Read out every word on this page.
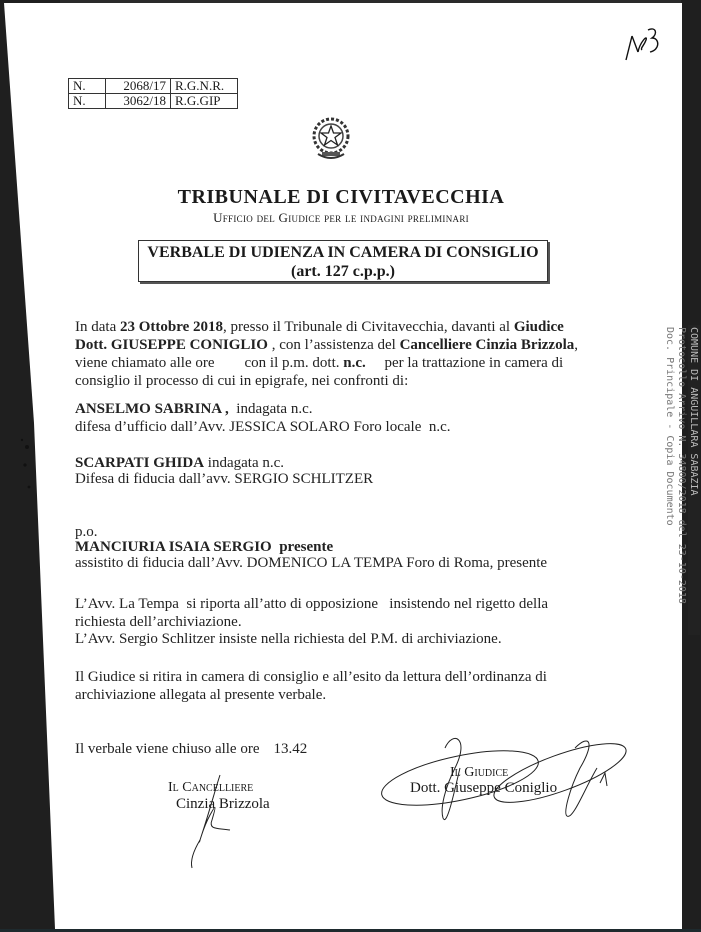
N.	2068/17	R.G.N.R.
N.	3062/18	R.G.GIP
TRIBUNALE DI CIVITAVECCHIA
Ufficio del Giudice per le indagini preliminari
VERBALE DI UDIENZA IN CAMERA DI CONSIGLIO
(art. 127 c.p.p.)
In data 23 Ottobre 2018, presso il Tribunale di Civitavecchia, davanti al Giudice
Dott. GIUSEPPE CONIGLIO , con l’assistenza del Cancelliere Cinzia Brizzola,
viene chiamato alle ore        con il p.m. dott. n.c.     per la trattazione in camera di
consiglio il processo di cui in epigrafe, nei confronti di:
ANSELMO SABRINA ,  indagata n.c.
difesa d’ufficio dall’Avv. JESSICA SOLARO Foro locale  n.c.
SCARPATI GHIDA indagata n.c.
Difesa di fiducia dall’avv. SERGIO SCHLITZER
p.o.
MANCIURIA ISAIA SERGIO  presente
assistito di fiducia dall’Avv. DOMENICO LA TEMPA Foro di Roma, presente
L’Avv. La Tempa  si riporta all’atto di opposizione   insistendo nel rigetto della
richiesta dell’archiviazione.
L’Avv. Sergio Schlitzer insiste nella richiesta del P.M. di archiviazione.
Il Giudice si ritira in camera di consiglio e all’esito da lettura dell’ordinanza di
archiviazione allegata al presente verbale.
Il verbale viene chiuso alle ore 13.42
Il Cancelliere
Cinzia Brizzola
Il Giudice
Dott. Giuseppe Coniglio
COMUNE DI ANGUILLARA SABAZIA
Protocollo Arrivo N. 34800/2018 del 23-10-2018
Doc. Principale - Copia Documento
